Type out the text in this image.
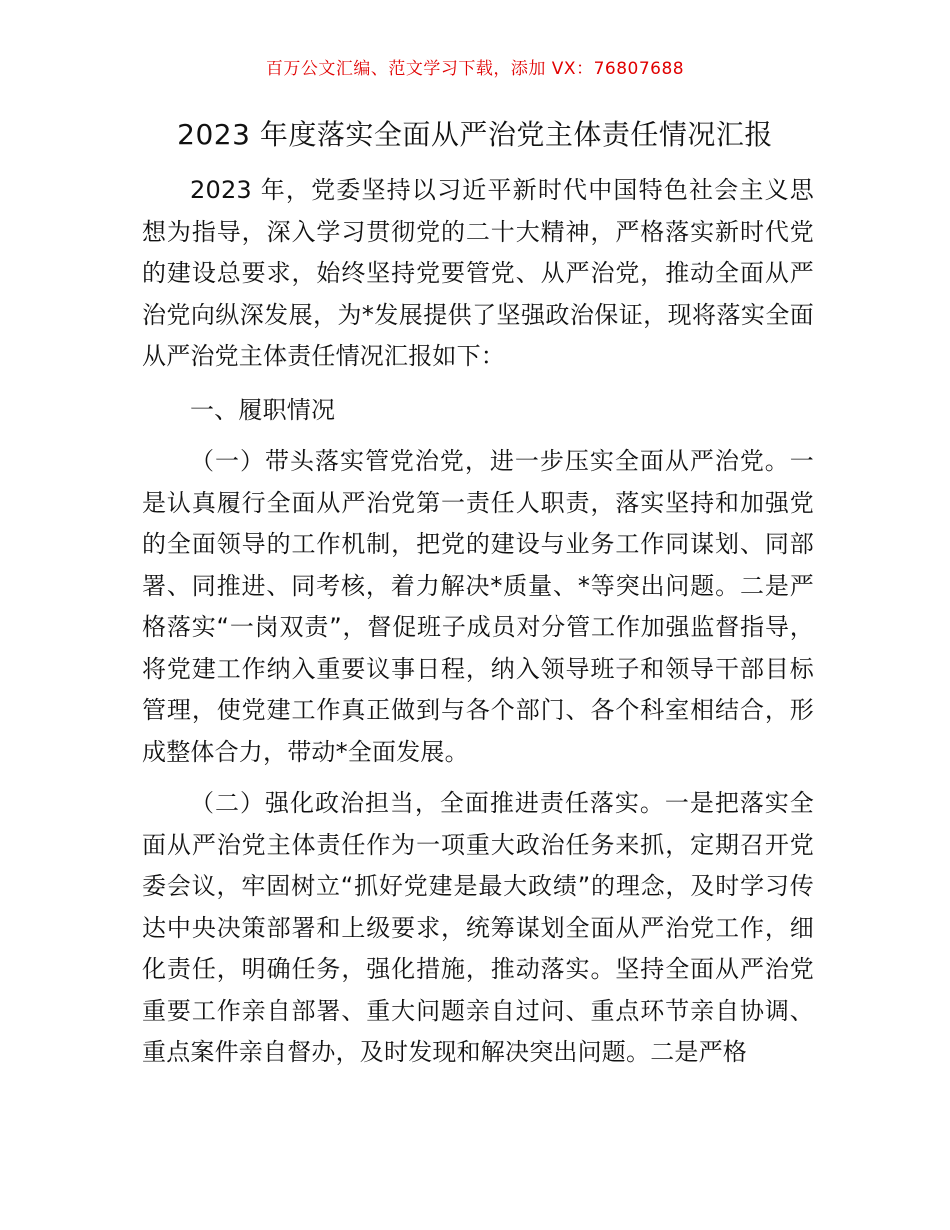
百万公文汇编、范文学习下载，添加 VX：76807688
2023 年度落实全面从严治党主体责任情况汇报

2023 年，党委坚持以习近平新时代中国特色社会主义思想为指导，深入学习贯彻党的二十大精神，严格落实新时代党的建设总要求，始终坚持党要管党、从严治党，推动全面从严治党向纵深发展，为*发展提供了坚强政治保证，现将落实全面从严治党主体责任情况汇报如下：

一、履职情况

（一）带头落实管党治党，进一步压实全面从严治党。一是认真履行全面从严治党第一责任人职责，落实坚持和加强党的全面领导的工作机制，把党的建设与业务工作同谋划、同部署、同推进、同考核，着力解决*质量、*等突出问题。二是严格落实“一岗双责”，督促班子成员对分管工作加强监督指导，将党建工作纳入重要议事日程，纳入领导班子和领导干部目标管理，使党建工作真正做到与各个部门、各个科室相结合，形成整体合力，带动*全面发展。

（二）强化政治担当，全面推进责任落实。一是把落实全面从严治党主体责任作为一项重大政治任务来抓，定期召开党委会议，牢固树立“抓好党建是最大政绩”的理念，及时学习传达中央决策部署和上级要求，统筹谋划全面从严治党工作，细化责任，明确任务，强化措施，推动落实。坚持全面从严治党重要工作亲自部署、重大问题亲自过问、重点环节亲自协调、重点案件亲自督办，及时发现和解决突出问题。二是严格
